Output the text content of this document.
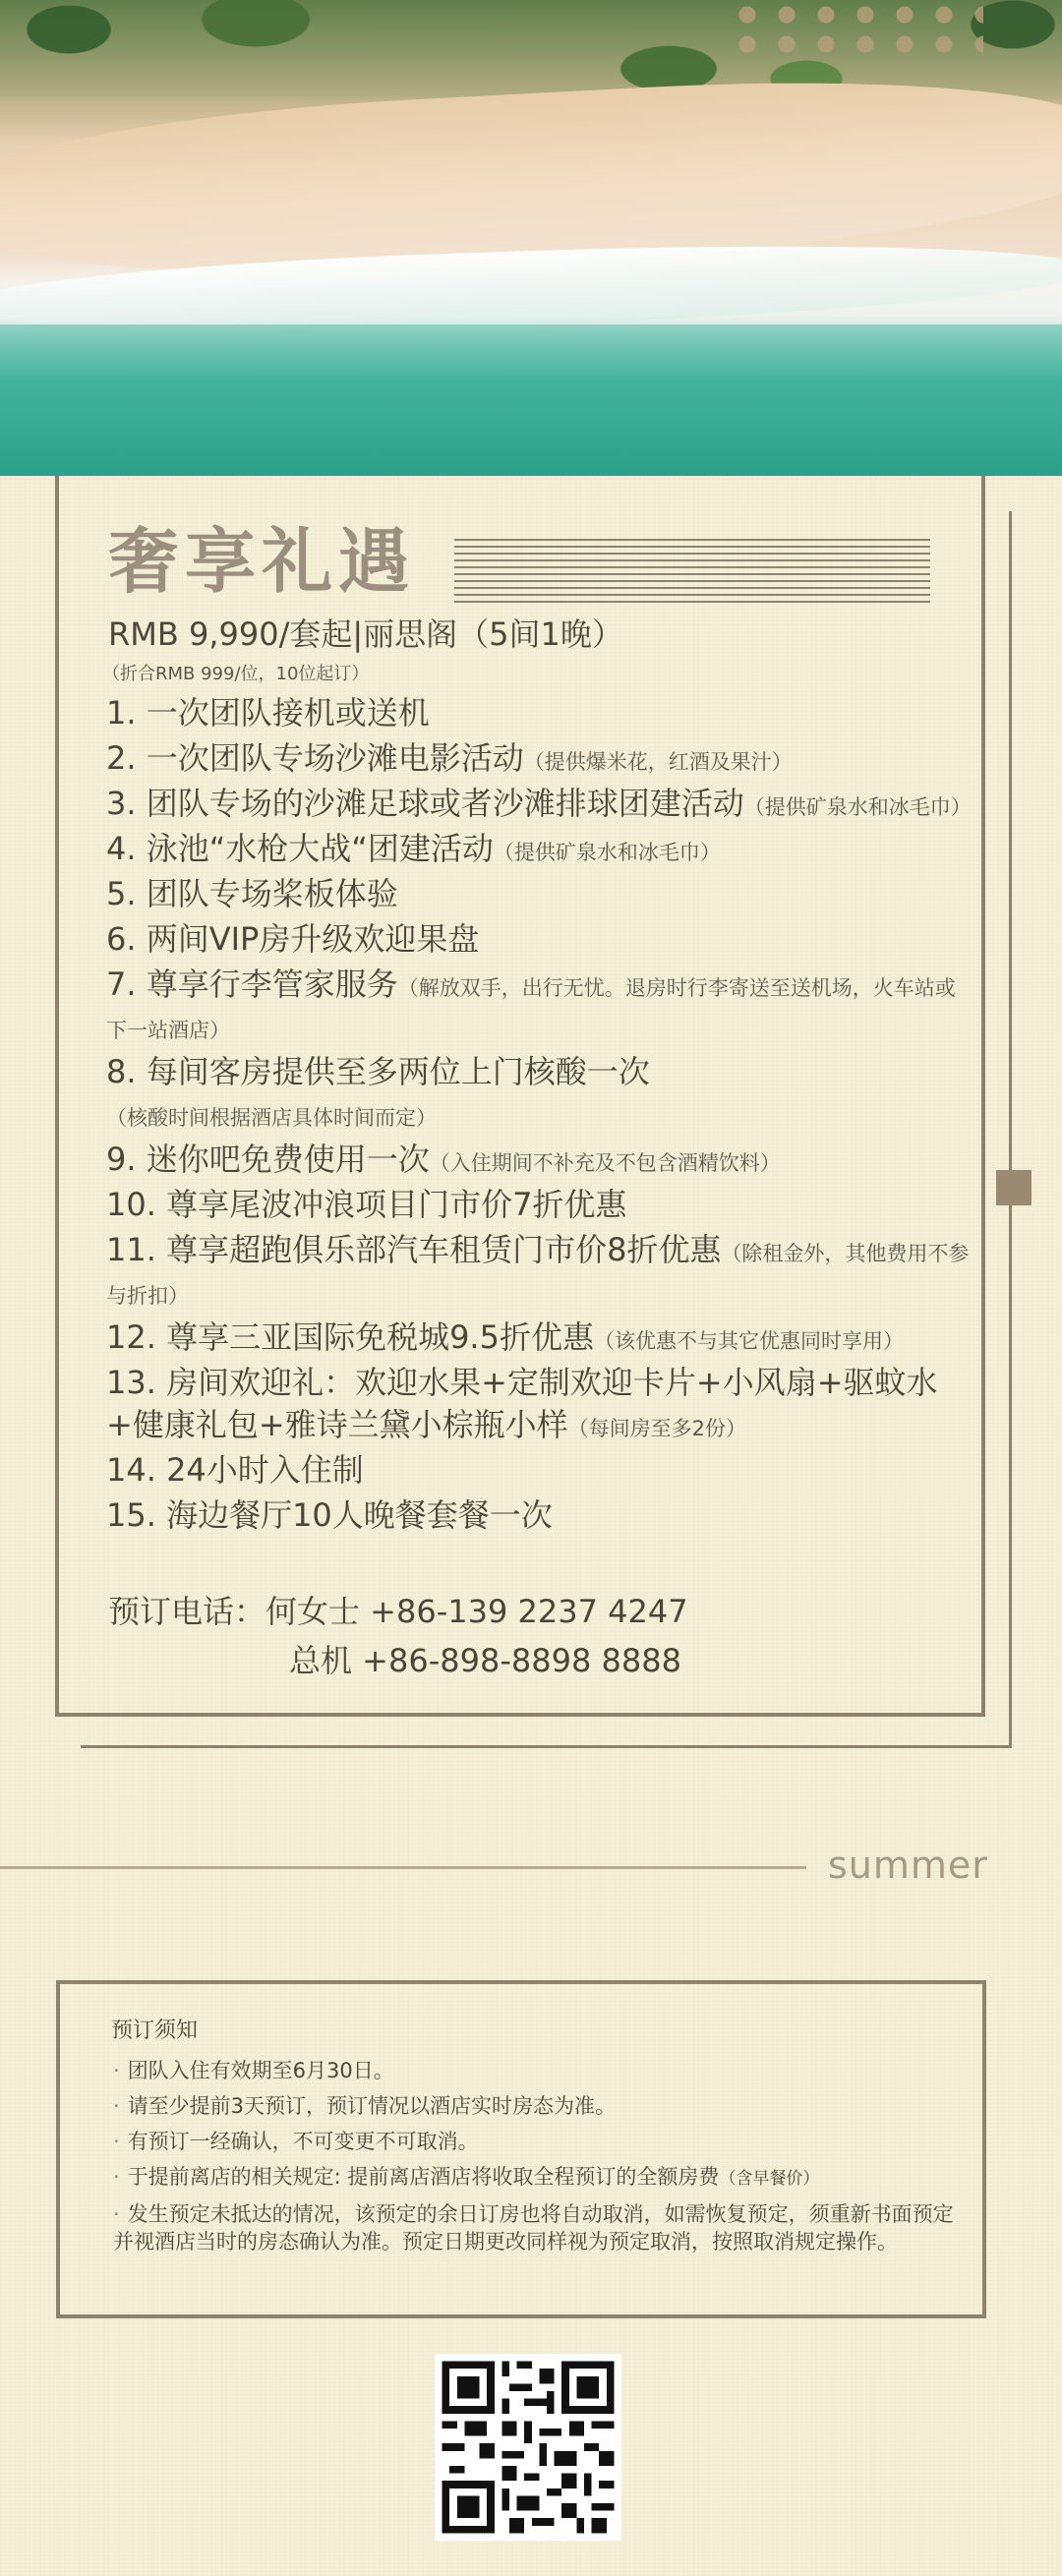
奢享礼遇
RMB 9,990/套起|丽思阁（5间1晚）
（折合RMB 999/位，10位起订）
1. 一次团队接机或送机
2. 一次团队专场沙滩电影活动（提供爆米花，红酒及果汁）
3. 团队专场的沙滩足球或者沙滩排球团建活动（提供矿泉水和冰毛巾）
4. 泳池“水枪大战“团建活动（提供矿泉水和冰毛巾）
5. 团队专场桨板体验
6. 两间VIP房升级欢迎果盘
7. 尊享行李管家服务（解放双手，出行无忧。退房时行李寄送至送机场，火车站或下一站酒店）
8. 每间客房提供至多两位上门核酸一次（核酸时间根据酒店具体时间而定）
9. 迷你吧免费使用一次（入住期间不补充及不包含酒精饮料）
10. 尊享尾波冲浪项目门市价7折优惠
11. 尊享超跑俱乐部汽车租赁门市价8折优惠（除租金外，其他费用不参与折扣）
12. 尊享三亚国际免税城9.5折优惠（该优惠不与其它优惠同时享用）
13. 房间欢迎礼：欢迎水果+定制欢迎卡片+小风扇+驱蚊水+健康礼包+雅诗兰黛小棕瓶小样（每间房至多2份）
14. 24小时入住制
15. 海边餐厅10人晚餐套餐一次
预订电话：何女士 +86-139 2237 4247
总机 +86-898-8898 8888
summer
预订须知
· 团队入住有效期至6月30日。
· 请至少提前3天预订，预订情况以酒店实时房态为准。
· 有预订一经确认，不可变更不可取消。
· 于提前离店的相关规定: 提前离店酒店将收取全程预订的全额房费（含早餐价）
· 发生预定未抵达的情况，该预定的余日订房也将自动取消，如需恢复预定，须重新书面预定并视酒店当时的房态确认为准。预定日期更改同样视为预定取消，按照取消规定操作。
